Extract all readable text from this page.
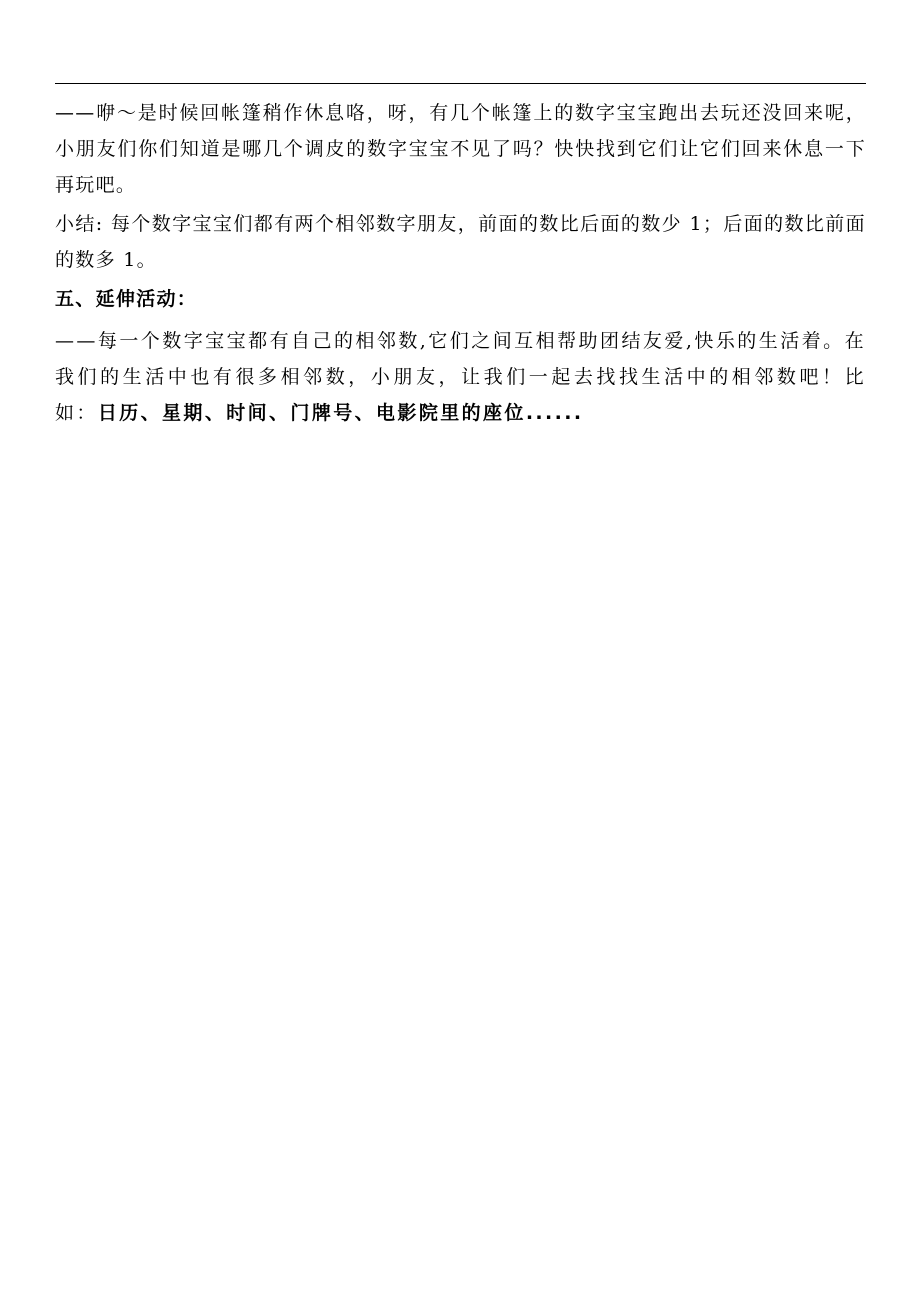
——咿～是时候回帐篷稍作休息咯，呀，有几个帐篷上的数字宝宝跑出去玩还没回来呢，小朋友们你们知道是哪几个调皮的数字宝宝不见了吗？快快找到它们让它们回来休息一下再玩吧。

小结: 每个数字宝宝们都有两个相邻数字朋友，前面的数比后面的数少 1；后面的数比前面的数多 1。

五、延伸活动：

——每一个数字宝宝都有自己的相邻数,它们之间互相帮助团结友爱,快乐的生活着。在我们的生活中也有很多相邻数，小朋友，让我们一起去找找生活中的相邻数吧！比如：日历、星期、时间、门牌号、电影院里的座位......
